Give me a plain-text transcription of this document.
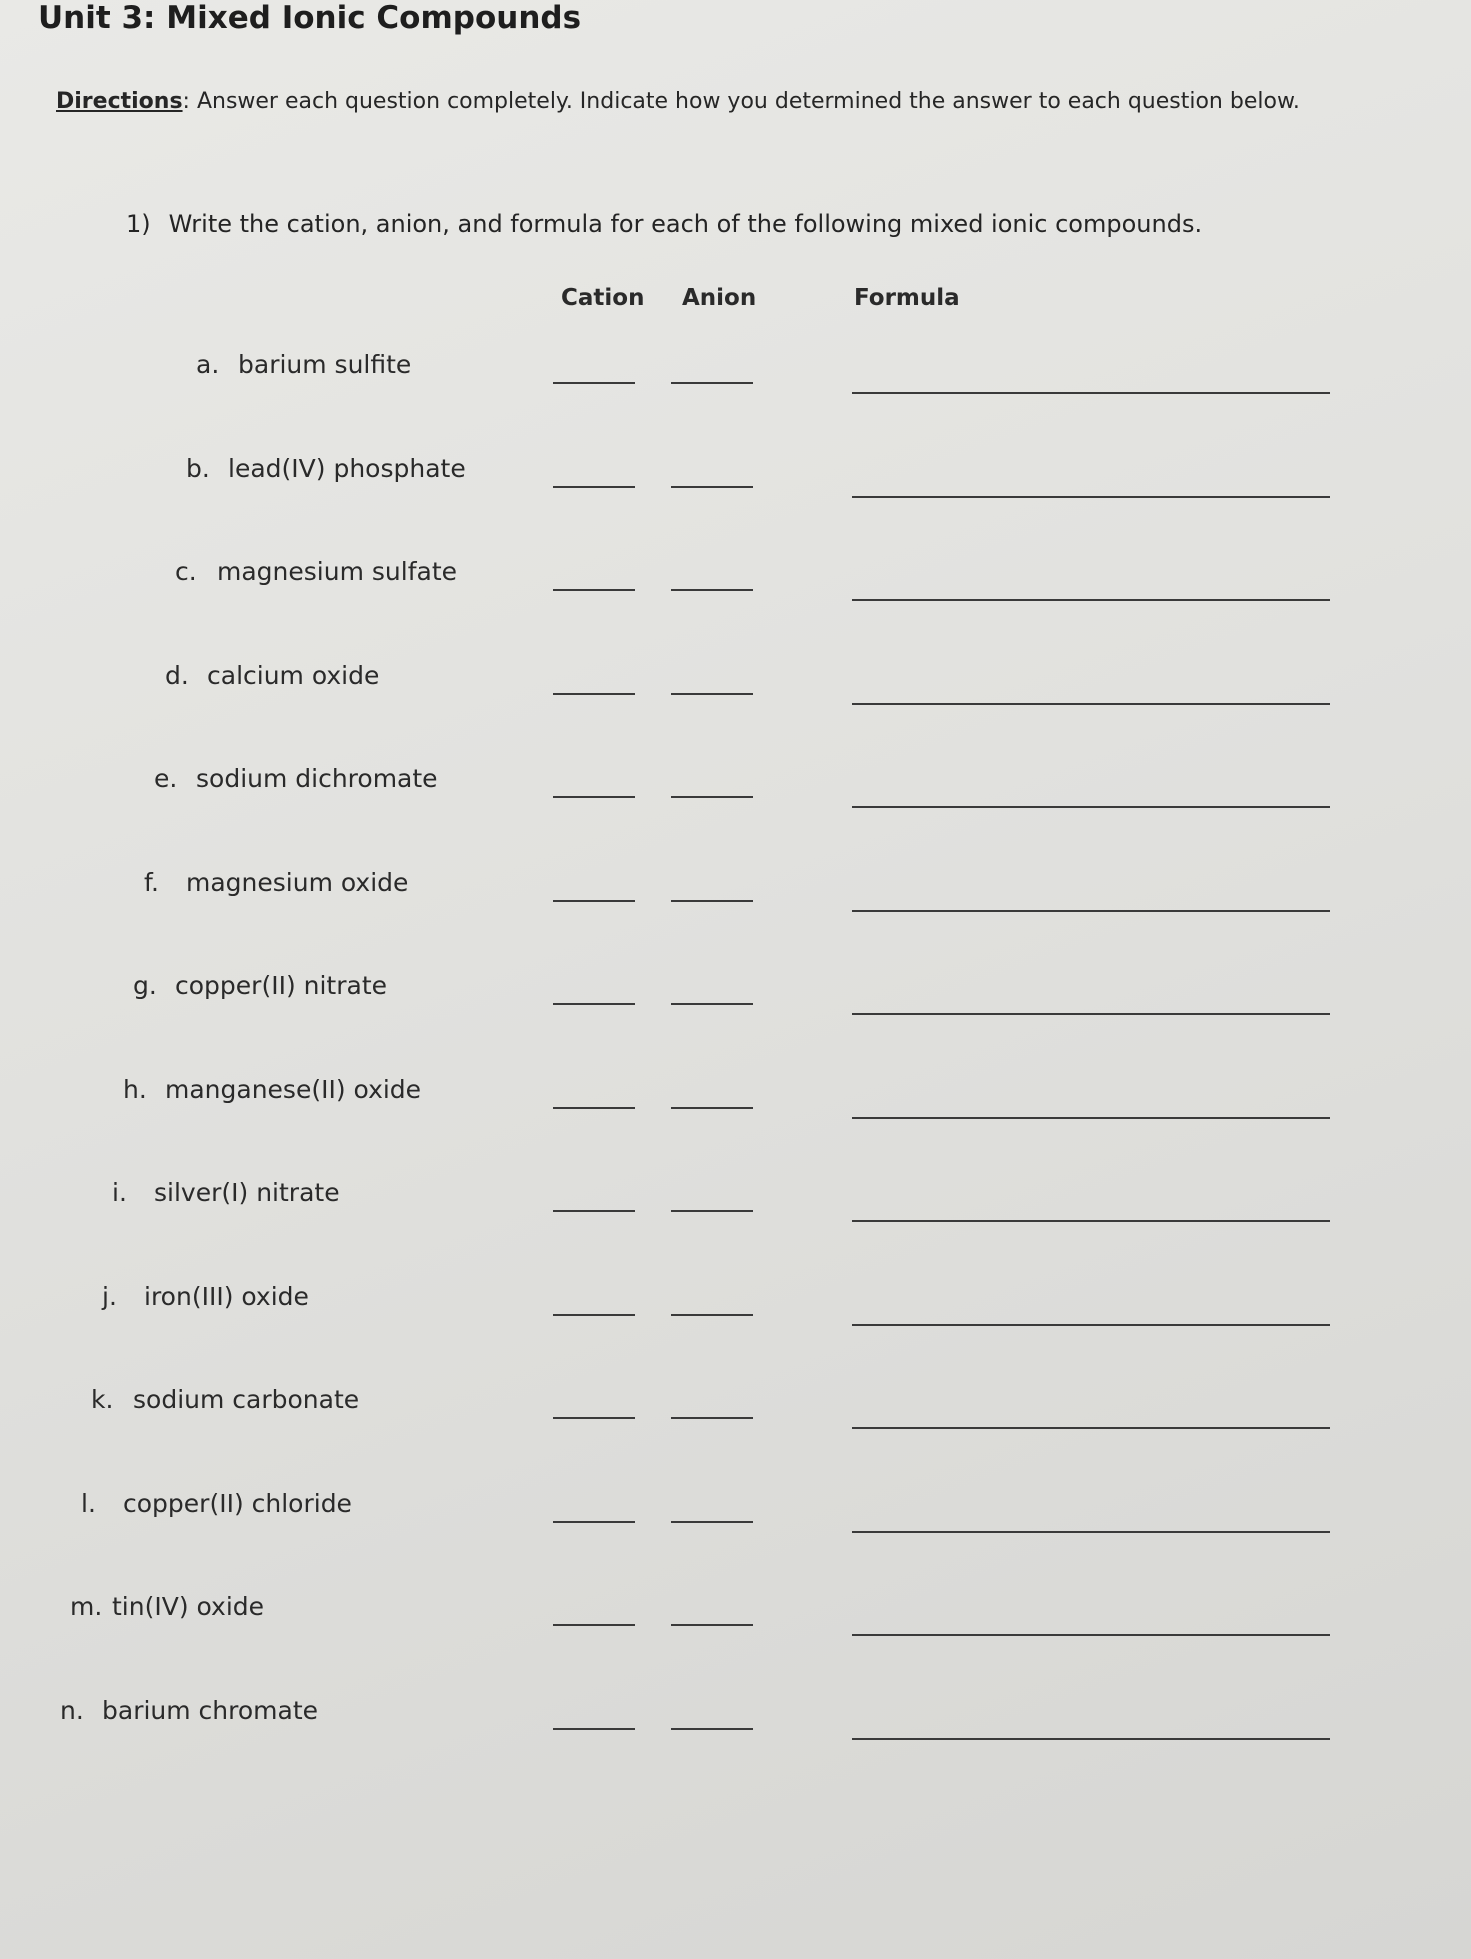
Unit 3: Mixed Ionic Compounds
Directions: Answer each question completely. Indicate how you determined the answer to each question below.
1) Write the cation, anion, and formula for each of the following mixed ionic compounds.
Cation Anion	Formula
a. barium sulfite
b. lead(IV) phosphate
c. magnesium sulfate
d. calcium oxide
e. sodium dichromate
f. magnesium oxide
g. copper(II) nitrate
h. manganese(II) oxide
i. silver(I) nitrate
j. iron(III) oxide
k. sodium carbonate
l. copper(II) chloride
m. tin(IV) oxide
n. barium chromate
